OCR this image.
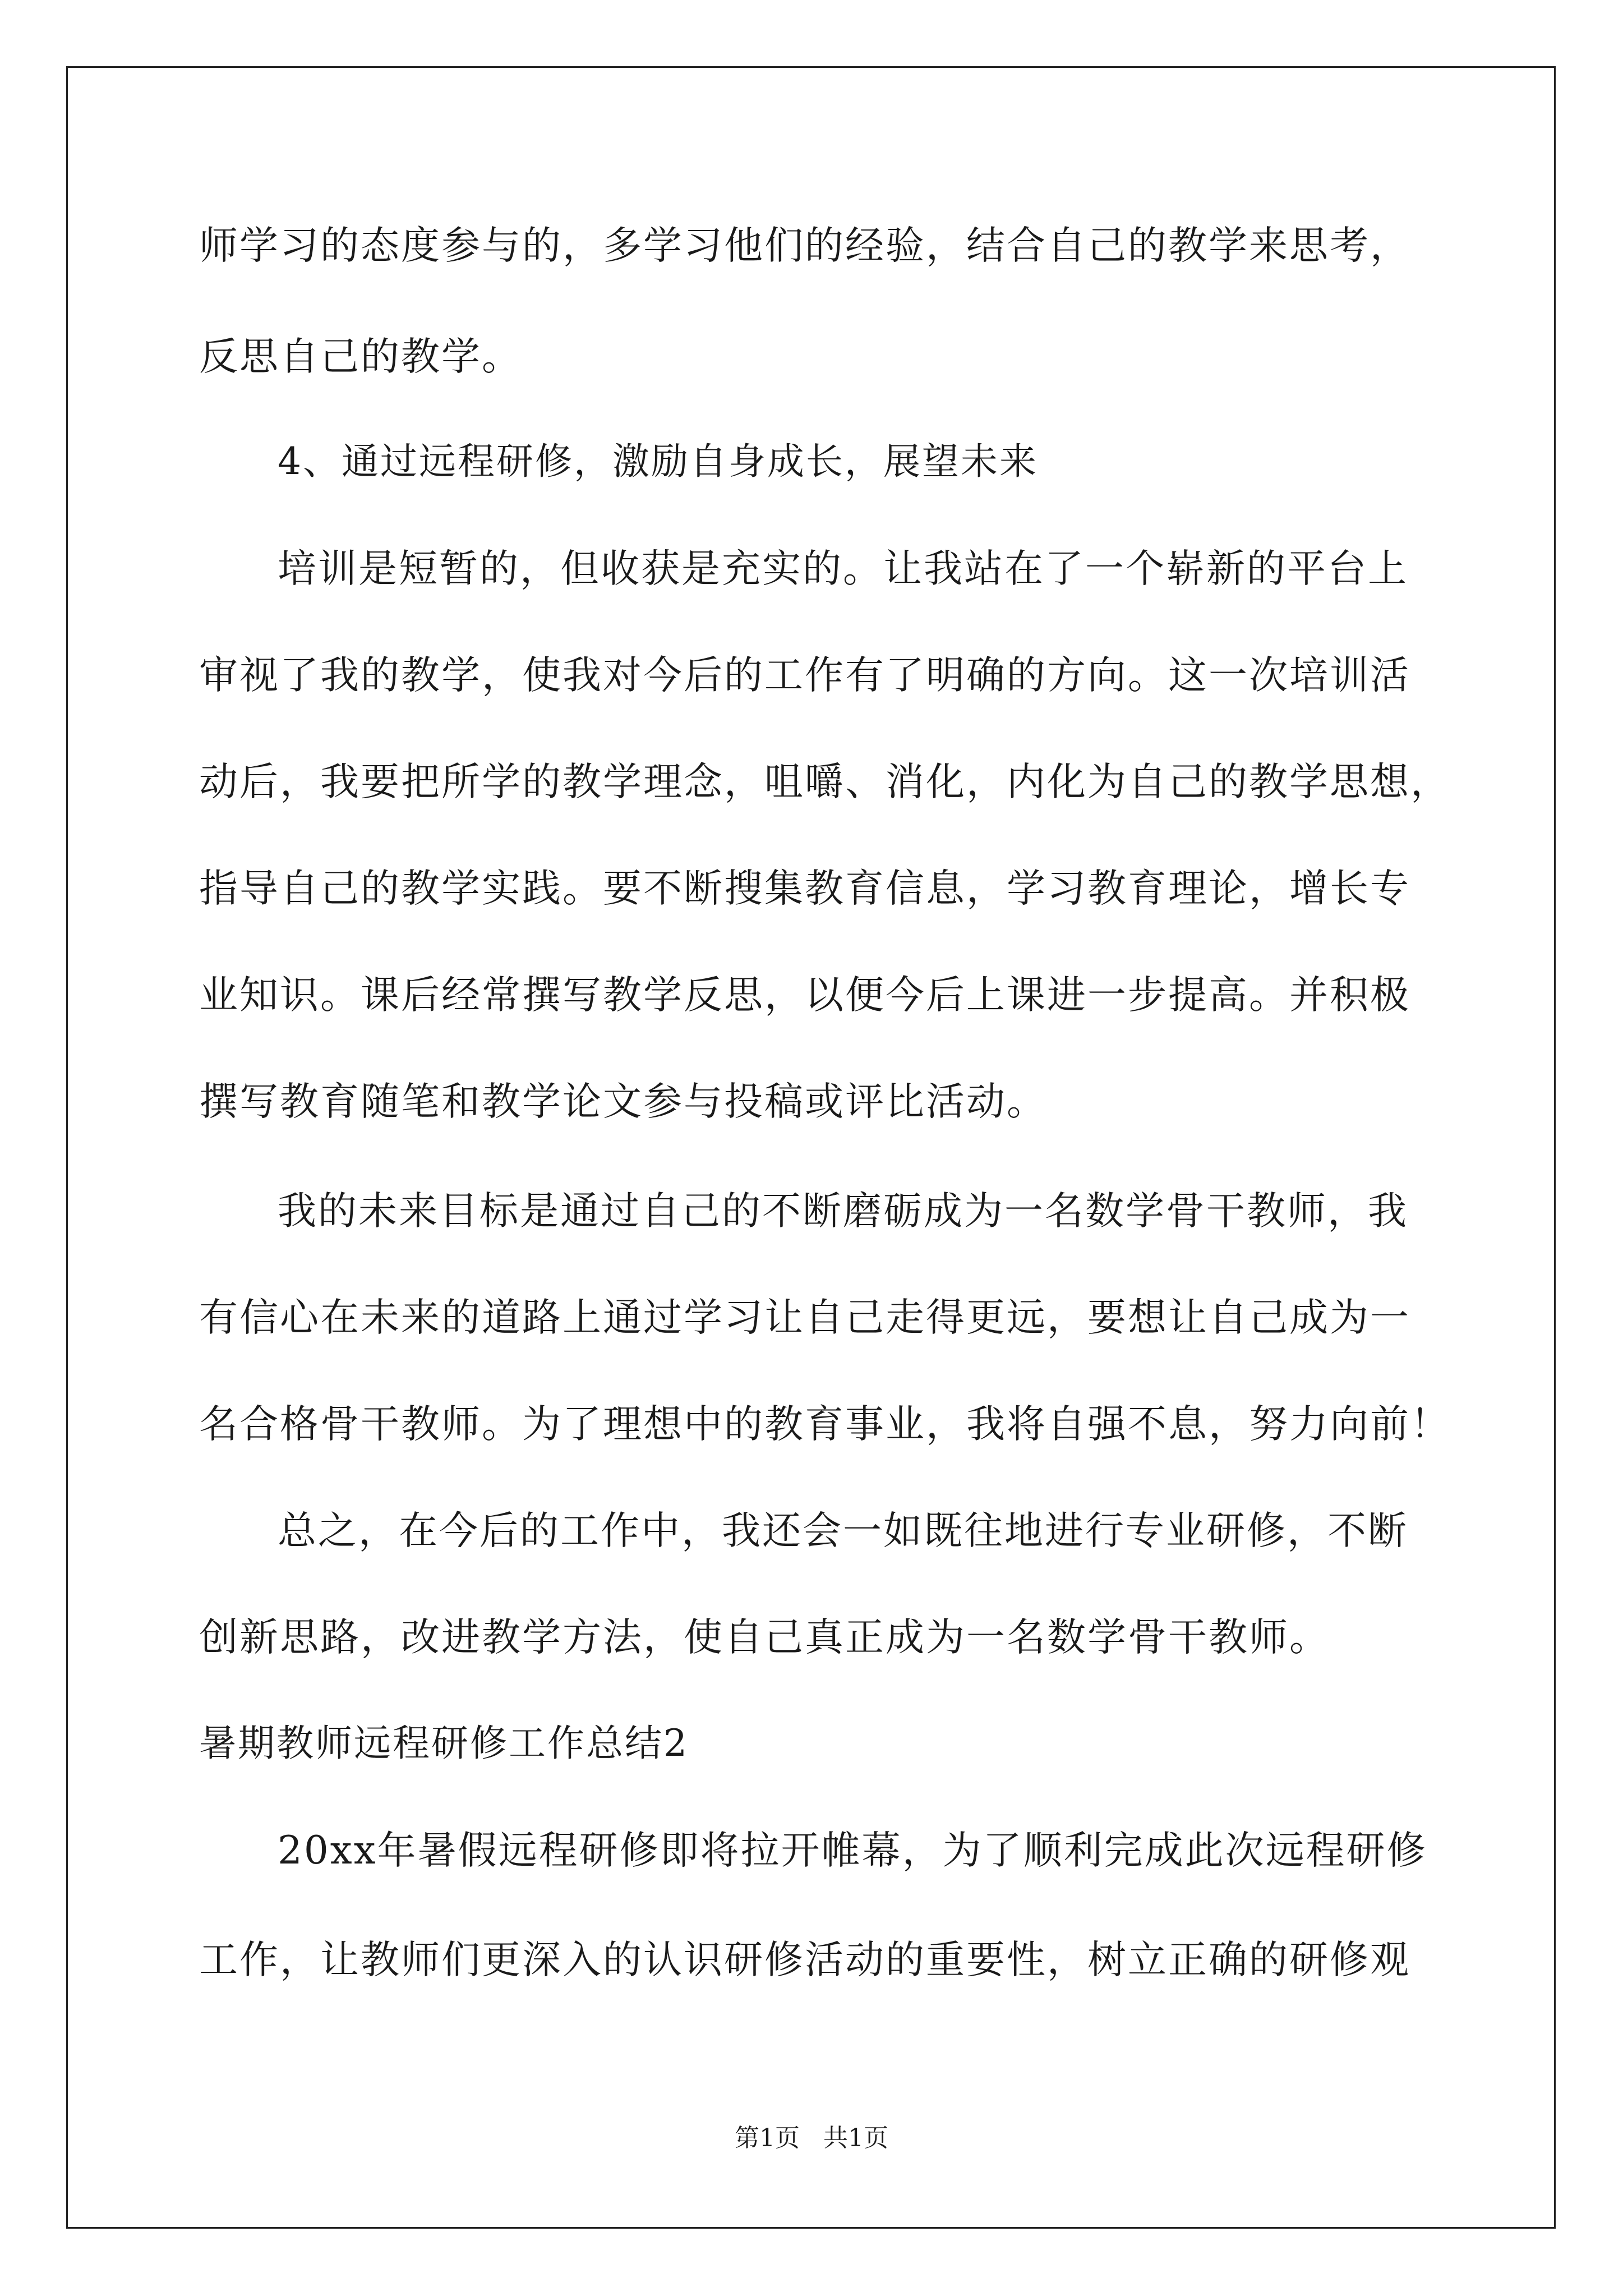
师学习的态度参与的，多学习他们的经验，结合自己的教学来思考，
反思自己的教学。
4、通过远程研修，激励自身成长，展望未来
培训是短暂的，但收获是充实的。让我站在了一个崭新的平台上
审视了我的教学，使我对今后的工作有了明确的方向。这一次培训活
动后，我要把所学的教学理念，咀嚼、消化，内化为自己的教学思想，
指导自己的教学实践。要不断搜集教育信息，学习教育理论，增长专
业知识。课后经常撰写教学反思，以便今后上课进一步提高。并积极
撰写教育随笔和教学论文参与投稿或评比活动。
我的未来目标是通过自己的不断磨砺成为一名数学骨干教师，我
有信心在未来的道路上通过学习让自己走得更远，要想让自己成为一
名合格骨干教师。为了理想中的教育事业，我将自强不息，努力向前！
总之，在今后的工作中，我还会一如既往地进行专业研修，不断
创新思路，改进教学方法，使自己真正成为一名数学骨干教师。
暑期教师远程研修工作总结2
20xx年暑假远程研修即将拉开帷幕，为了顺利完成此次远程研修
工作，让教师们更深入的认识研修活动的重要性，树立正确的研修观
第1页   共1页
